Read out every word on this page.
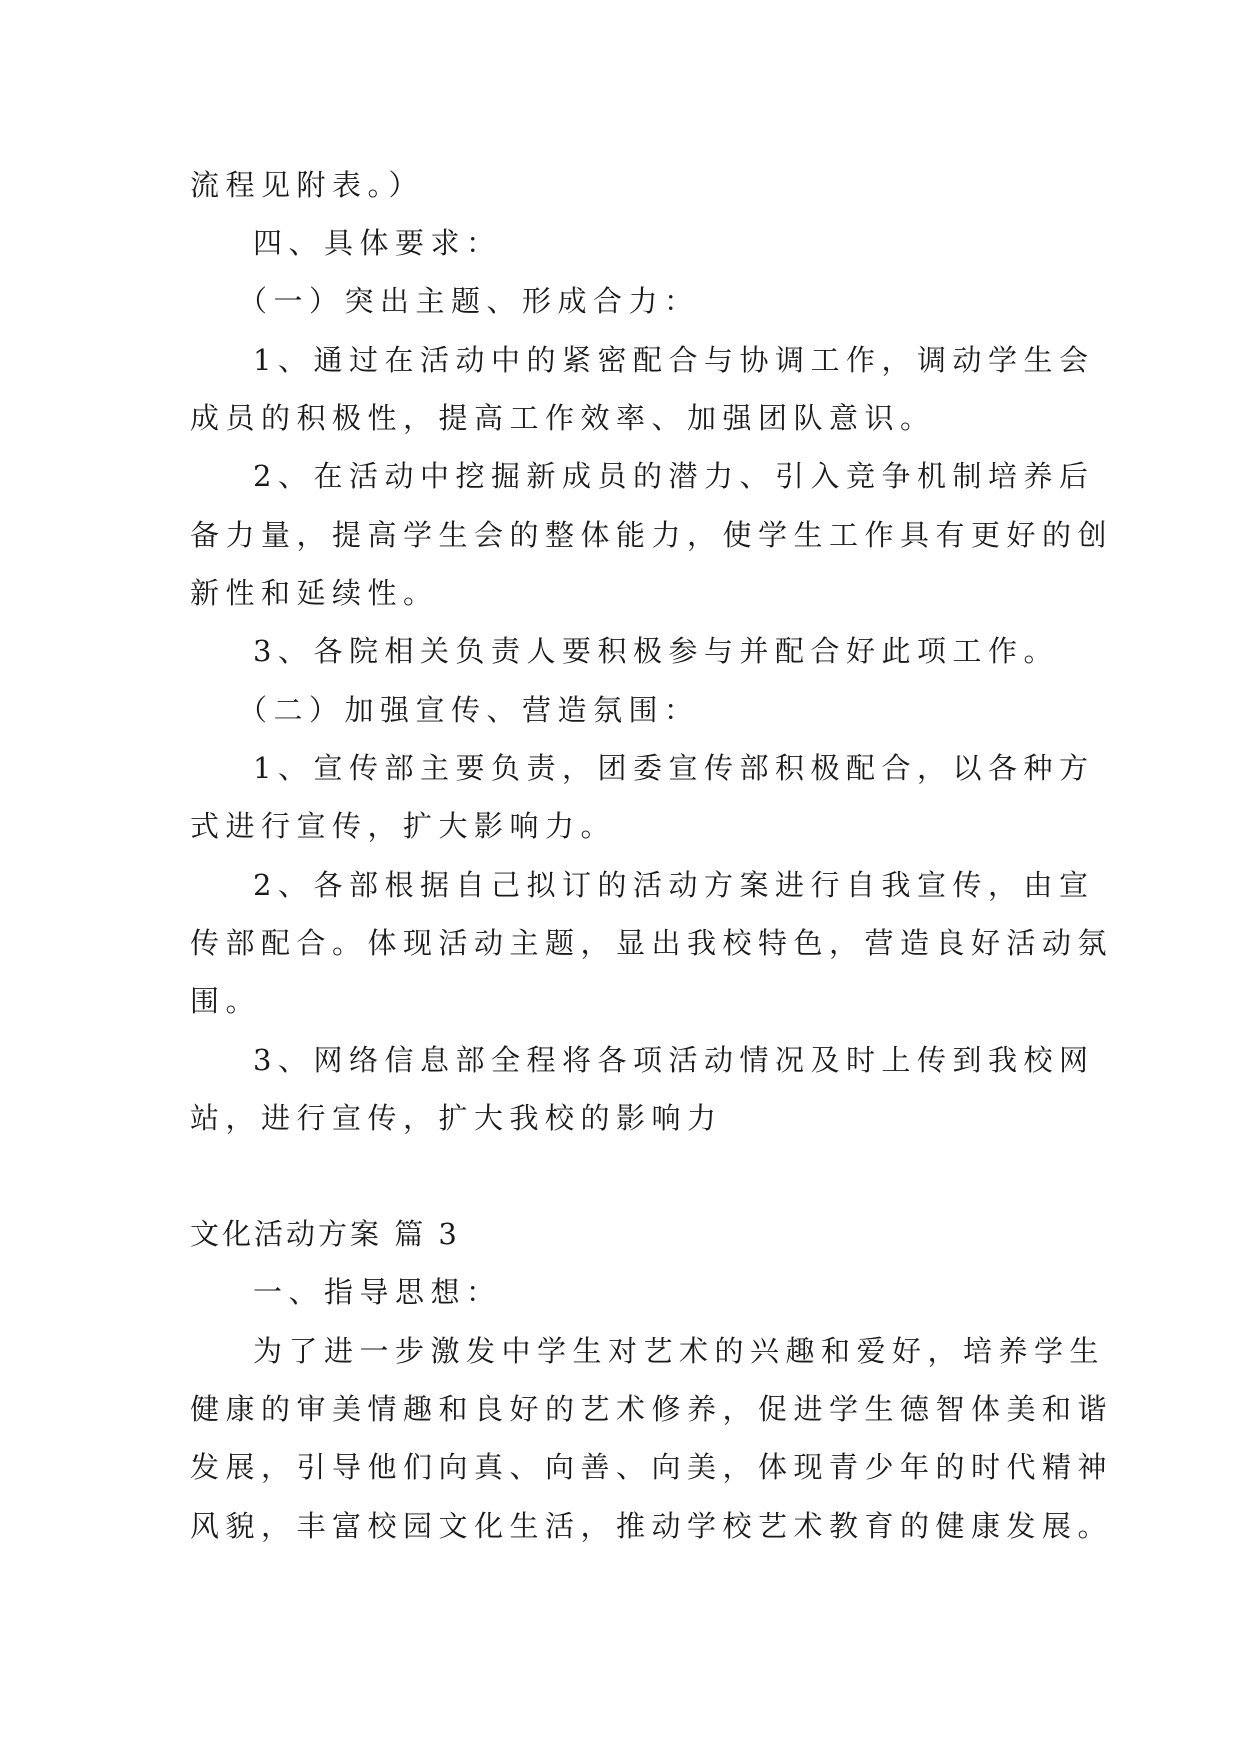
流程见附表。）
四、具体要求：
（一）突出主题、形成合力：
1、通过在活动中的紧密配合与协调工作，调动学生会
成员的积极性，提高工作效率、加强团队意识。
2、在活动中挖掘新成员的潜力、引入竞争机制培养后
备力量，提高学生会的整体能力，使学生工作具有更好的创
新性和延续性。
3、各院相关负责人要积极参与并配合好此项工作。
（二）加强宣传、营造氛围：
1、宣传部主要负责，团委宣传部积极配合，以各种方
式进行宣传，扩大影响力。
2、各部根据自己拟订的活动方案进行自我宣传，由宣
传部配合。体现活动主题，显出我校特色，营造良好活动氛
围。
3、网络信息部全程将各项活动情况及时上传到我校网
站，进行宣传，扩大我校的影响力
文化活动方案 篇 3
一、指导思想：
为了进一步激发中学生对艺术的兴趣和爱好，培养学生
健康的审美情趣和良好的艺术修养，促进学生德智体美和谐
发展，引导他们向真、向善、向美，体现青少年的时代精神
风貌，丰富校园文化生活，推动学校艺术教育的健康发展。
